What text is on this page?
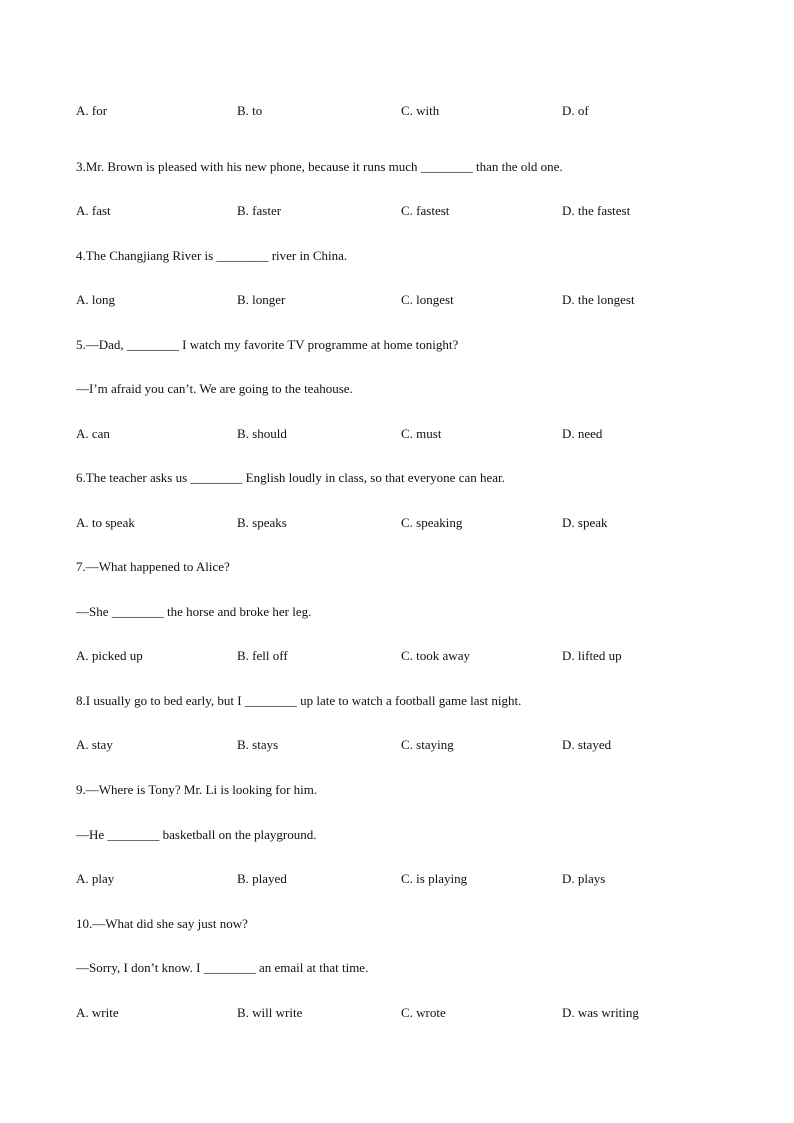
A. for	B. to	C. with	D. of
3.Mr. Brown is pleased with his new phone, because it runs much ________ than the old one.
A. fast	B. faster	C. fastest	D. the fastest
4.The Changjiang River is ________ river in China.
A. long	B. longer	C. longest	D. the longest
5.—Dad, ________ I watch my favorite TV programme at home tonight?
—I’m afraid you can’t. We are going to the teahouse.
A. can	B. should	C. must	D. need
6.The teacher asks us ________ English loudly in class, so that everyone can hear.
A. to speak	B. speaks	C. speaking	D. speak
7.—What happened to Alice?
—She ________ the horse and broke her leg.
A. picked up	B. fell off	C. took away	D. lifted up
8.I usually go to bed early, but I ________ up late to watch a football game last night.
A. stay	B. stays	C. staying	D. stayed
9.—Where is Tony? Mr. Li is looking for him.
—He ________ basketball on the playground.
A. play	B. played	C. is playing	D. plays
10.—What did she say just now?
—Sorry, I don’t know. I ________ an email at that time.
A. write	B. will write	C. wrote	D. was writing
